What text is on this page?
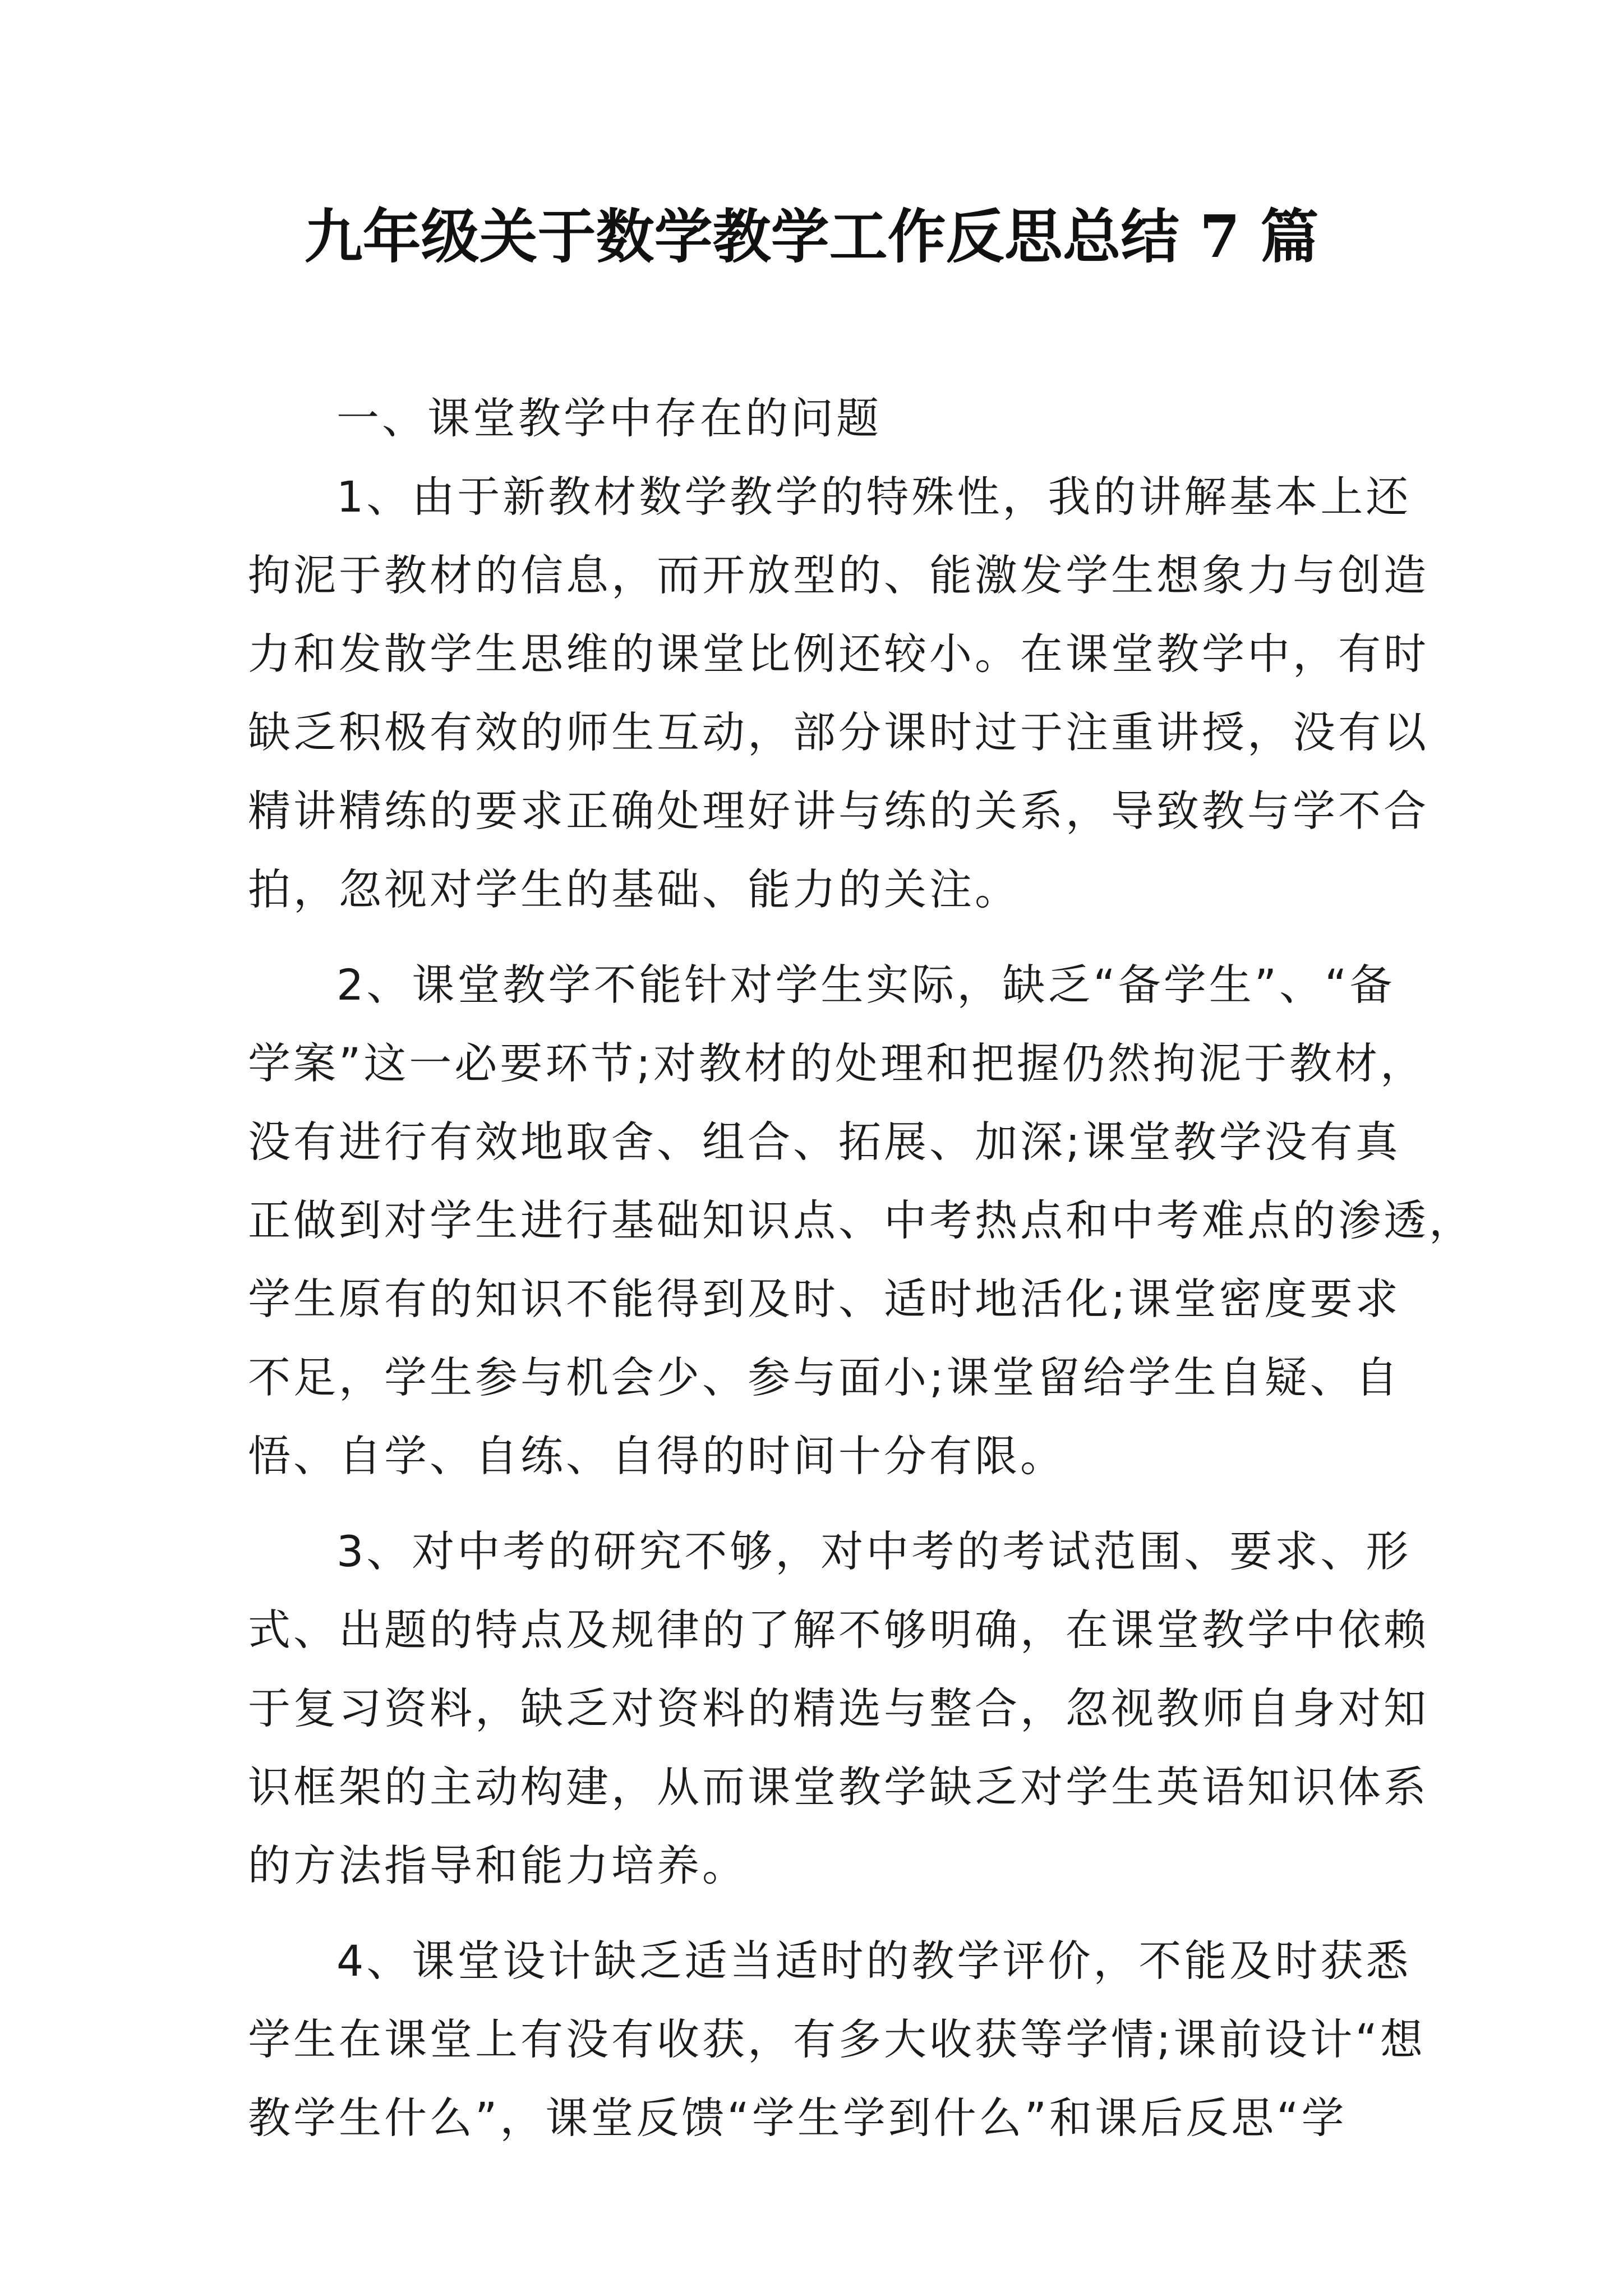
九年级关于数学教学工作反思总结 7 篇
一、课堂教学中存在的问题
1、由于新教材数学教学的特殊性，我的讲解基本上还
拘泥于教材的信息，而开放型的、能激发学生想象力与创造
力和发散学生思维的课堂比例还较小。在课堂教学中，有时
缺乏积极有效的师生互动，部分课时过于注重讲授，没有以
精讲精练的要求正确处理好讲与练的关系，导致教与学不合
拍，忽视对学生的基础、能力的关注。
2、课堂教学不能针对学生实际，缺乏“备学生”、“备
学案”这一必要环节;对教材的处理和把握仍然拘泥于教材，
没有进行有效地取舍、组合、拓展、加深;课堂教学没有真
正做到对学生进行基础知识点、中考热点和中考难点的渗透，
学生原有的知识不能得到及时、适时地活化;课堂密度要求
不足，学生参与机会少、参与面小;课堂留给学生自疑、自
悟、自学、自练、自得的时间十分有限。
3、对中考的研究不够，对中考的考试范围、要求、形
式、出题的特点及规律的了解不够明确，在课堂教学中依赖
于复习资料，缺乏对资料的精选与整合，忽视教师自身对知
识框架的主动构建，从而课堂教学缺乏对学生英语知识体系
的方法指导和能力培养。
4、课堂设计缺乏适当适时的教学评价，不能及时获悉
学生在课堂上有没有收获，有多大收获等学情;课前设计“想
教学生什么”，课堂反馈“学生学到什么”和课后反思“学
